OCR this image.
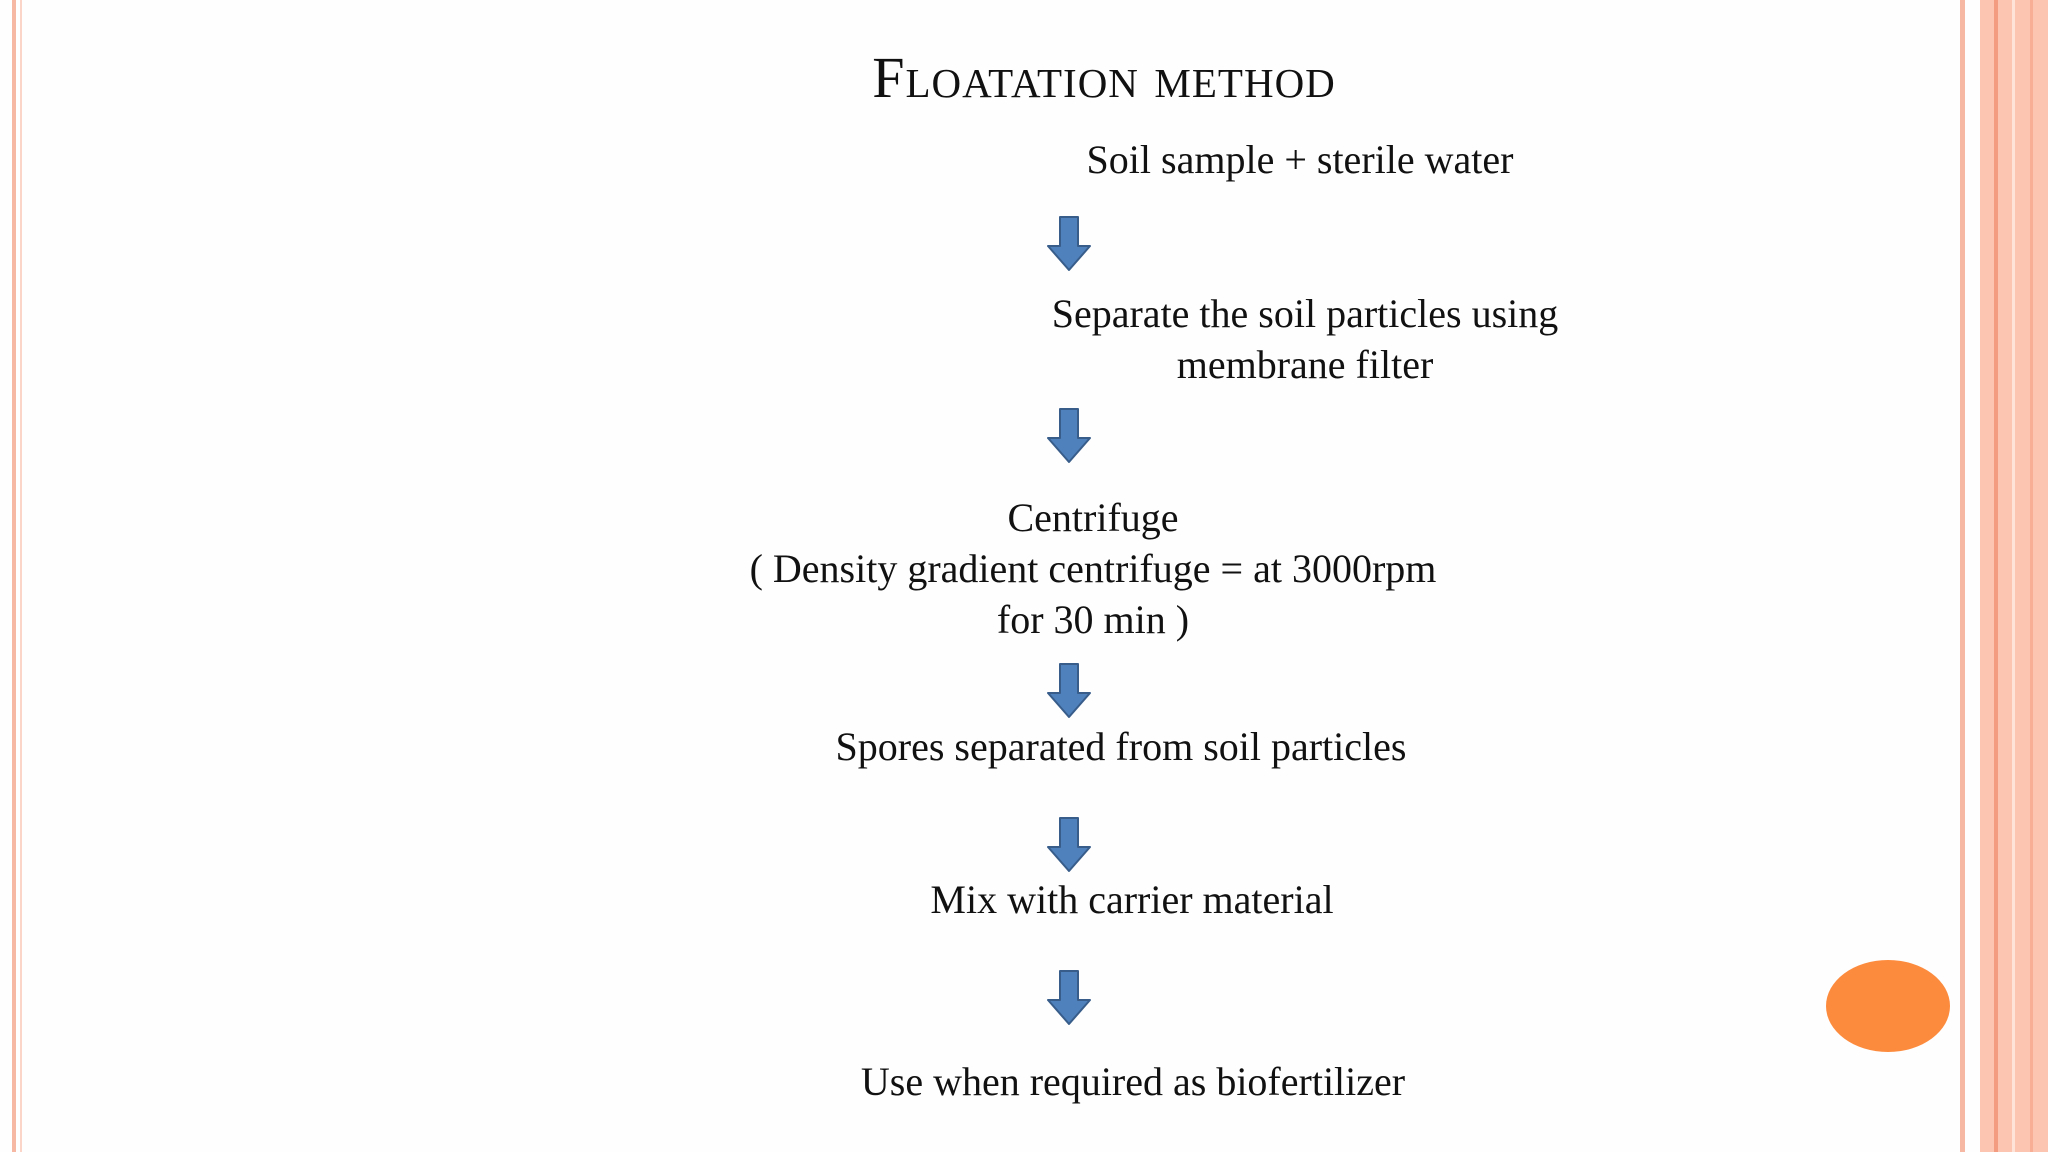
Floatation method
Soil sample + sterile water
Separate the soil particles using
membrane filter
Centrifuge
( Density gradient centrifuge = at 3000rpm
for 30 min )
Spores separated from soil particles
Mix with carrier material
Use when required as biofertilizer
